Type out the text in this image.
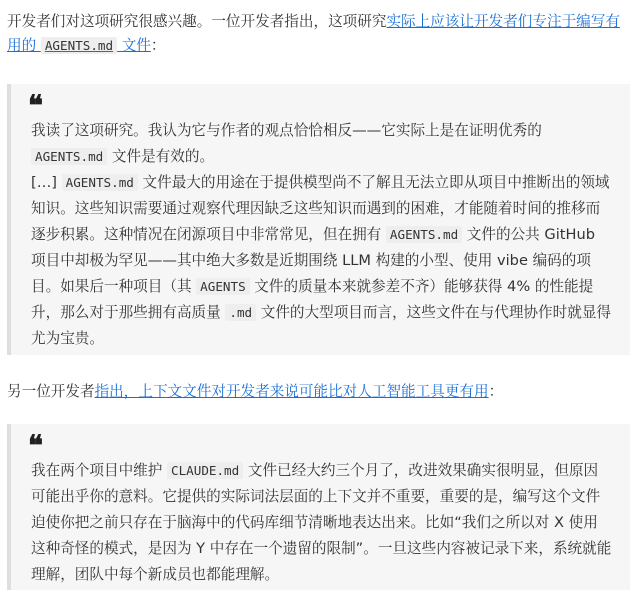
开发者们对这项研究很感兴趣。一位开发者指出，这项研究实际上应该让开发者们专注于编写有用的 AGENTS.md 文件：

❝

我读了这项研究。我认为它与作者的观点恰恰相反——它实际上是在证明优秀的AGENTS.md 文件是有效的。

[…] AGENTS.md 文件最大的用途在于提供模型尚不了解且无法立即从项目中推断出的领域知识。这些知识需要通过观察代理因缺乏这些知识而遇到的困难，才能随着时间的推移而逐步积累。这种情况在闭源项目中非常常见，但在拥有 AGENTS.md 文件的公共 GitHub 项目中却极为罕见——其中绝大多数是近期围绕 LLM 构建的小型、使用 vibe 编码的项目。如果后一种项目（其 AGENTS 文件的质量本来就参差不齐）能够获得 4% 的性能提升，那么对于那些拥有高质量 .md 文件的大型项目而言，这些文件在与代理协作时就显得尤为宝贵。

另一位开发者指出，上下文文件对开发者来说可能比对人工智能工具更有用：

❝

我在两个项目中维护 CLAUDE.md 文件已经大约三个月了，改进效果确实很明显，但原因可能出乎你的意料。它提供的实际词法层面的上下文并不重要，重要的是，编写这个文件迫使你把之前只存在于脑海中的代码库细节清晰地表达出来。比如“我们之所以对 X 使用这种奇怪的模式，是因为 Y 中存在一个遗留的限制”。一旦这些内容被记录下来，系统就能理解，团队中每个新成员也都能理解。
